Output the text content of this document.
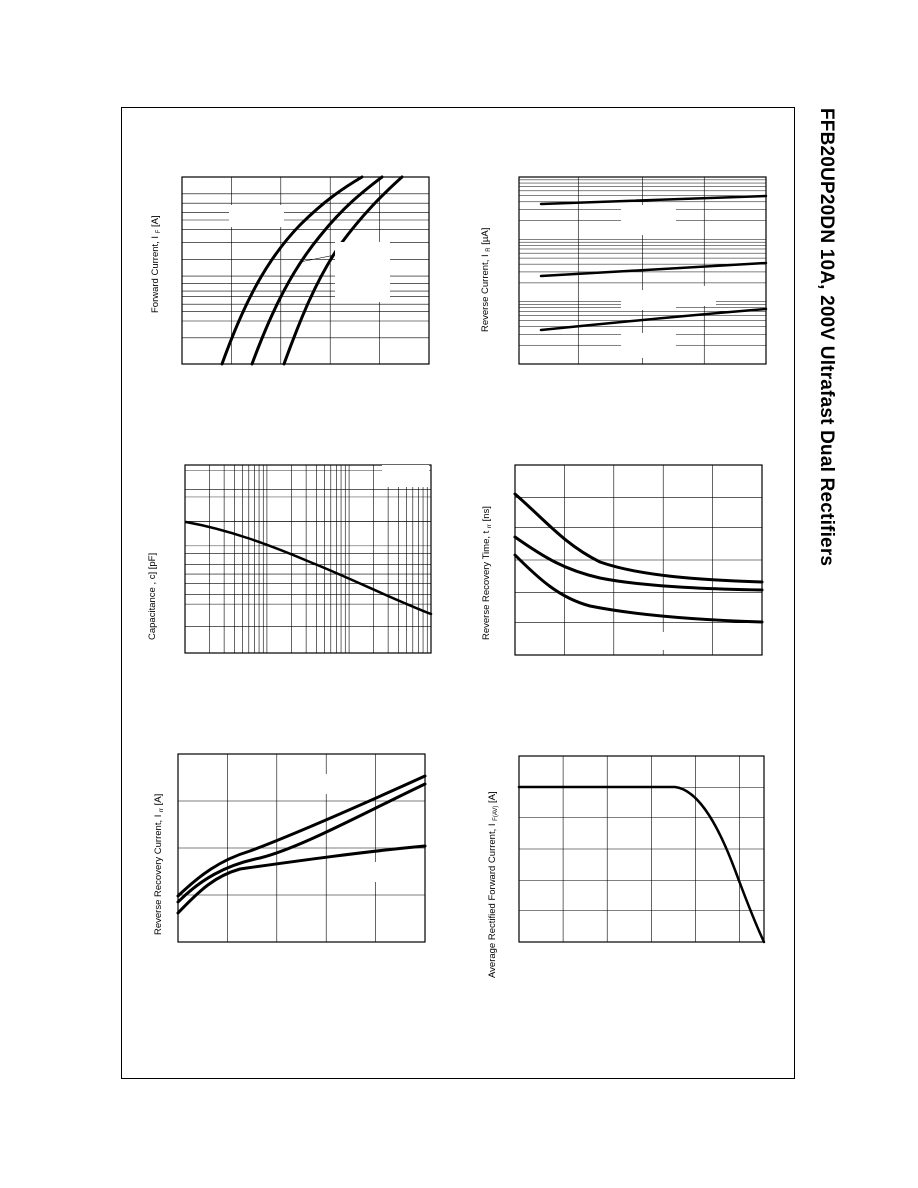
FFB20UP20DN 10A, 200V Ultrafast Dual Rectifiers
Forward Current, I $_F$ [A]
Reverse Current, I $_R$ [µA]
Capacitance , c] [pF]	Reverse Recovery Time, t $_{rr}$ [ns]
Reverse Recovery Current, I $_{rr}$ [A]
Average Rectified Forward Current, I $_{F(AV)}$ [A]
